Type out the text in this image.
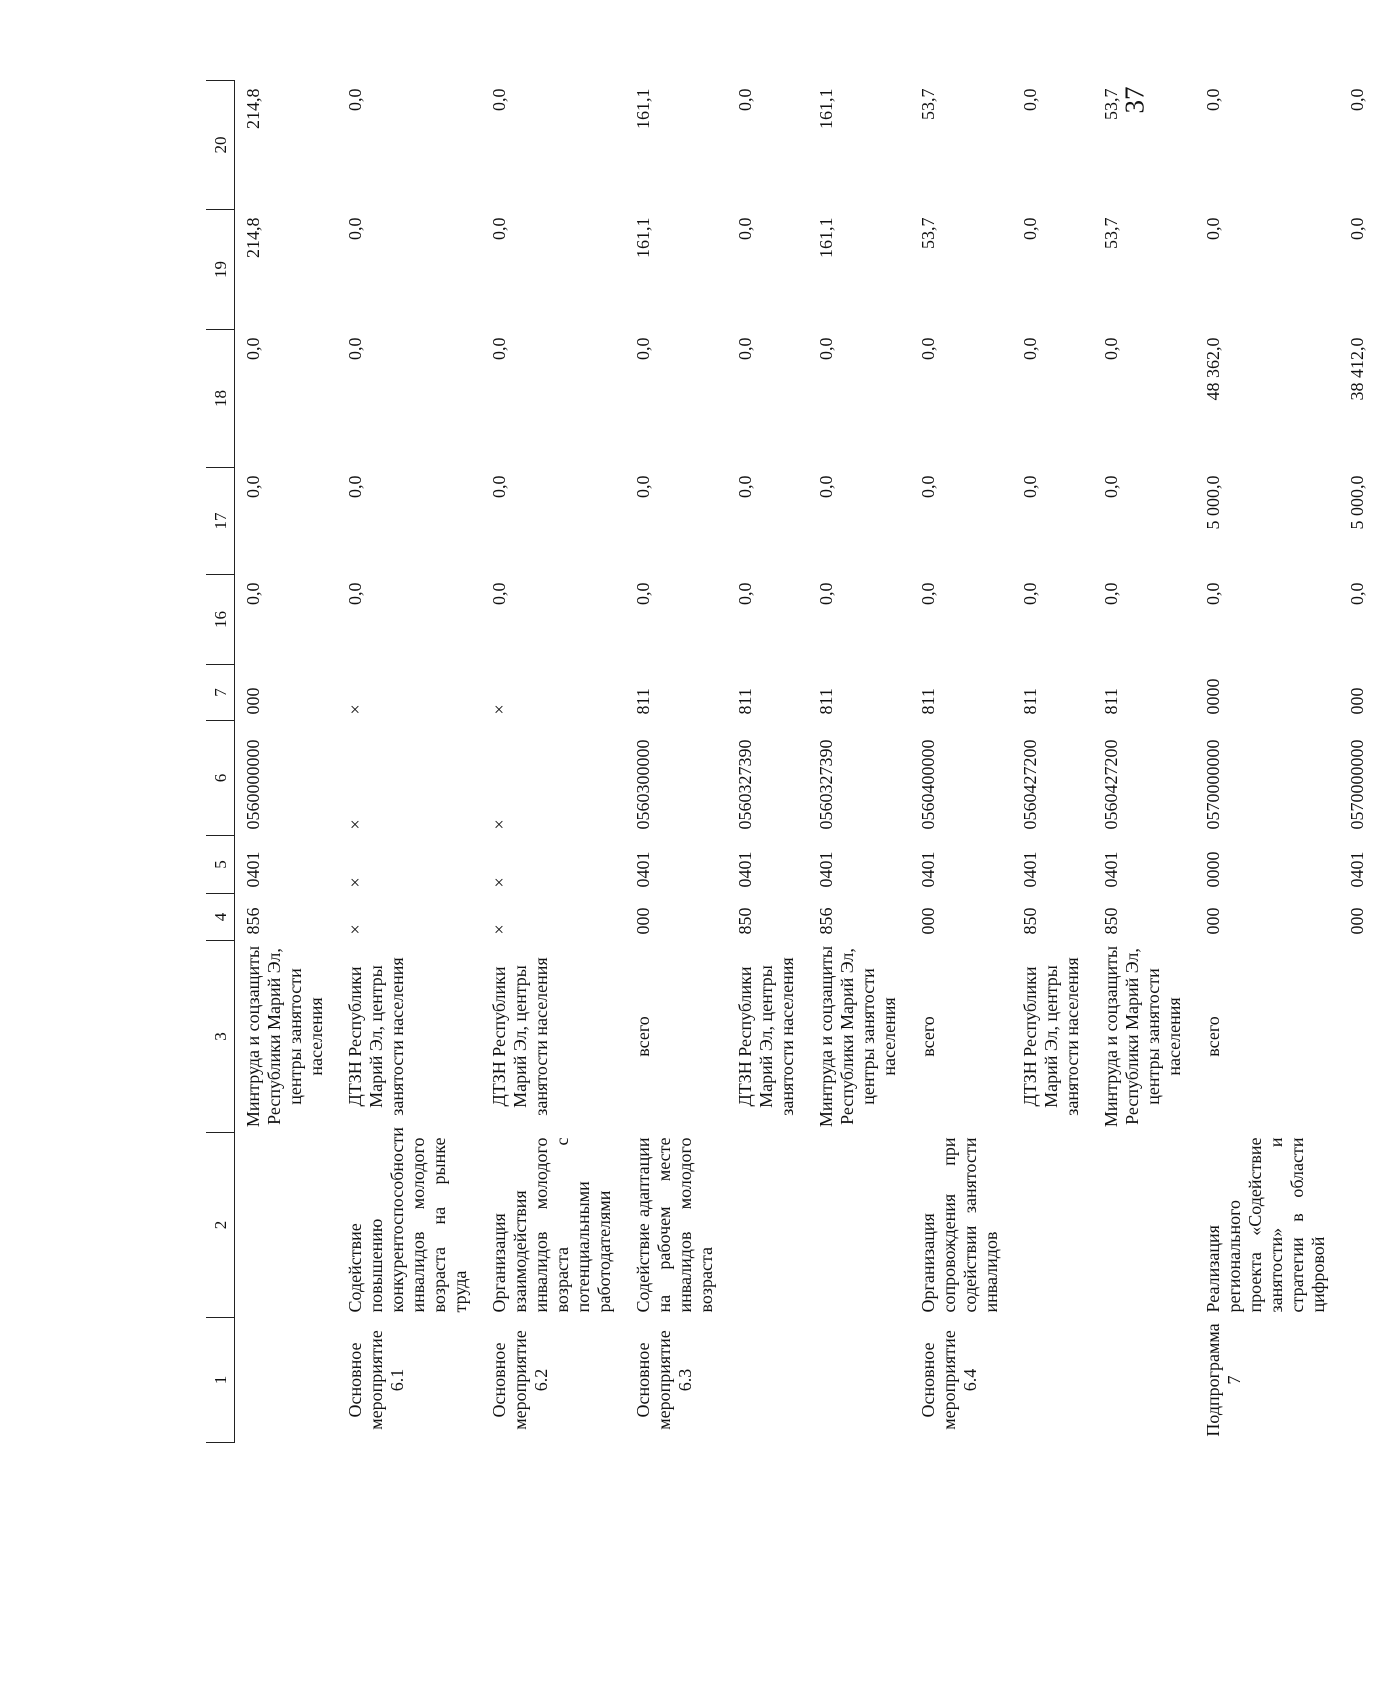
37
1	2	3	4	5	6	7	16	17	18	19	20
		Минтруда и соцзащиты Республики Марий Эл, центры занятости населения	856	0401	0560000000	000	0,0	0,0	0,0	214,8	214,8
Основное мероприятие 6.1	Содействие повышению конкурентоспособности инвалидов молодого возраста на рынке труда	ДТЗН Республики Марий Эл, центры занятости населения	×	×	×	×	0,0	0,0	0,0	0,0	0,0
Основное мероприятие 6.2	Организация взаимодействия инвалидов молодого возраста с потенциальными работодателями	ДТЗН Республики Марий Эл, центры занятости населения	×	×	×	×	0,0	0,0	0,0	0,0	0,0
Основное мероприятие 6.3	Содействие адаптации на рабочем месте инвалидов молодого возраста	всего	000	0401	0560300000	811	0,0	0,0	0,0	161,1	161,1
		ДТЗН Республики Марий Эл, центры занятости населения	850	0401	0560327390	811	0,0	0,0	0,0	0,0	0,0
		Минтруда и соцзащиты Республики Марий Эл, центры занятости населения	856	0401	0560327390	811	0,0	0,0	0,0	161,1	161,1
Основное мероприятие 6.4	Организация сопровождения при содействии занятости инвалидов	всего	000	0401	0560400000	811	0,0	0,0	0,0	53,7	53,7
		ДТЗН Республики Марий Эл, центры занятости населения	850	0401	0560427200	811	0,0	0,0	0,0	0,0	0,0
		Минтруда и соцзащиты Республики Марий Эл, центры занятости населения	850	0401	0560427200	811	0,0	0,0	0,0	53,7	53,7
Подпрограмма 7	Реализация регионального проекта «Содействие занятости» и стратегии в области цифровой	всего	000	0000	0570000000	0000	0,0	5 000,0	48 362,0	0,0	0,0
			000	0401	0570000000	000	0,0	5 000,0	38 412,0	0,0	0,0
